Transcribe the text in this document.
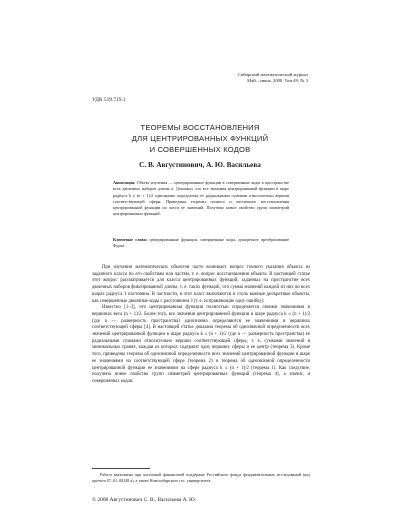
Сибирский математический журнал
Май—июнь, 2008. Том 49, № 3
УДК 519.719.1
ТЕОРЕМЫ ВОССТАНОВЛЕНИЯ
ДЛЯ ЦЕНТРИРОВАННЫХ ФУНКЦИЙ
И СОВЕРШЕННЫХ КОДОВ
С. В. Августинович, А. Ю. Васильева
Аннотация. Объект изучения — центрированные функции в совершенные коды в пространстве всех двоичных наборов длины n. Доказано, что все значения центрированной функции в шаре радиуса k ≤ (n + 1)/2 однозначно определены ее радиальными суммами относительно вершин соответствующей сферы. Приведены теоремы полного и частичного восстановления центрированной функции по части ее значений. Получено новое свойство групп симметрий центрированных функций.
Ключевые слова: центрированные функции, совершенные коды, дискретное преобразование Фурье.

При изучении математических объектов часто возникает вопрос точного указания объекта из заданного класса по его свойствам или частям, т. е. вопрос восстановления объекта. В настоящей статье этот вопрос рассматривается для класса центрированных функций, заданных на пространстве всех двоичных наборов фиксированной длины, т. е. таких функций, что сумма значений каждой из них во всех шарах радиуса 1 постоянна. В частности, в этот класс включаются и столь важные дискретные объекты, как совершенные двоичные коды с расстоянием 3 (т. е. исправляющие одну ошибку).

Известно [1–3], что центрированная функция полностью определяется своими значениями в вершинах веса (n + 1)/2. Более того, все значения центрированной функции в шаре радиуса k ≤ (n + 1)/2 (где n — размерность пространства) однозначно определяются ее значениями в вершинах соответствующей сферы [4]. В настоящей статье доказана теорема об однозначной определенности всех значений центрированной функции в шаре радиуса k ≤ (n + 1)/2 (где n — размерность пространства) ее радиальными суммами относительно вершин соответствующей сферы, т. е. суммами значений в минимальных гранях, каждая из которых содержит одну вершину сферы и ее центр (теорема 3). Кроме того, приведены теорема об однозначной определенности всех значений центрированной функции в шаре ее значениями на соответствующей сфере (теорема 2) и теорема об однозначной определенности центрированной функции ее значениями на сфере радиуса k ≤ (n + 1)/2 (теорема 1). Как следствие, получено новое свойство групп симметрий центрированных функций (теорема 4), а значит, и совершенных кодов.

Работа выполнена при частичной финансовой поддержке Российского фонда фундаментальных исследований (код проекта 07–01–00248 а), а также Новосибирского гос. университета.
© 2008 Августинович С. В., Васильева А. Ю.
